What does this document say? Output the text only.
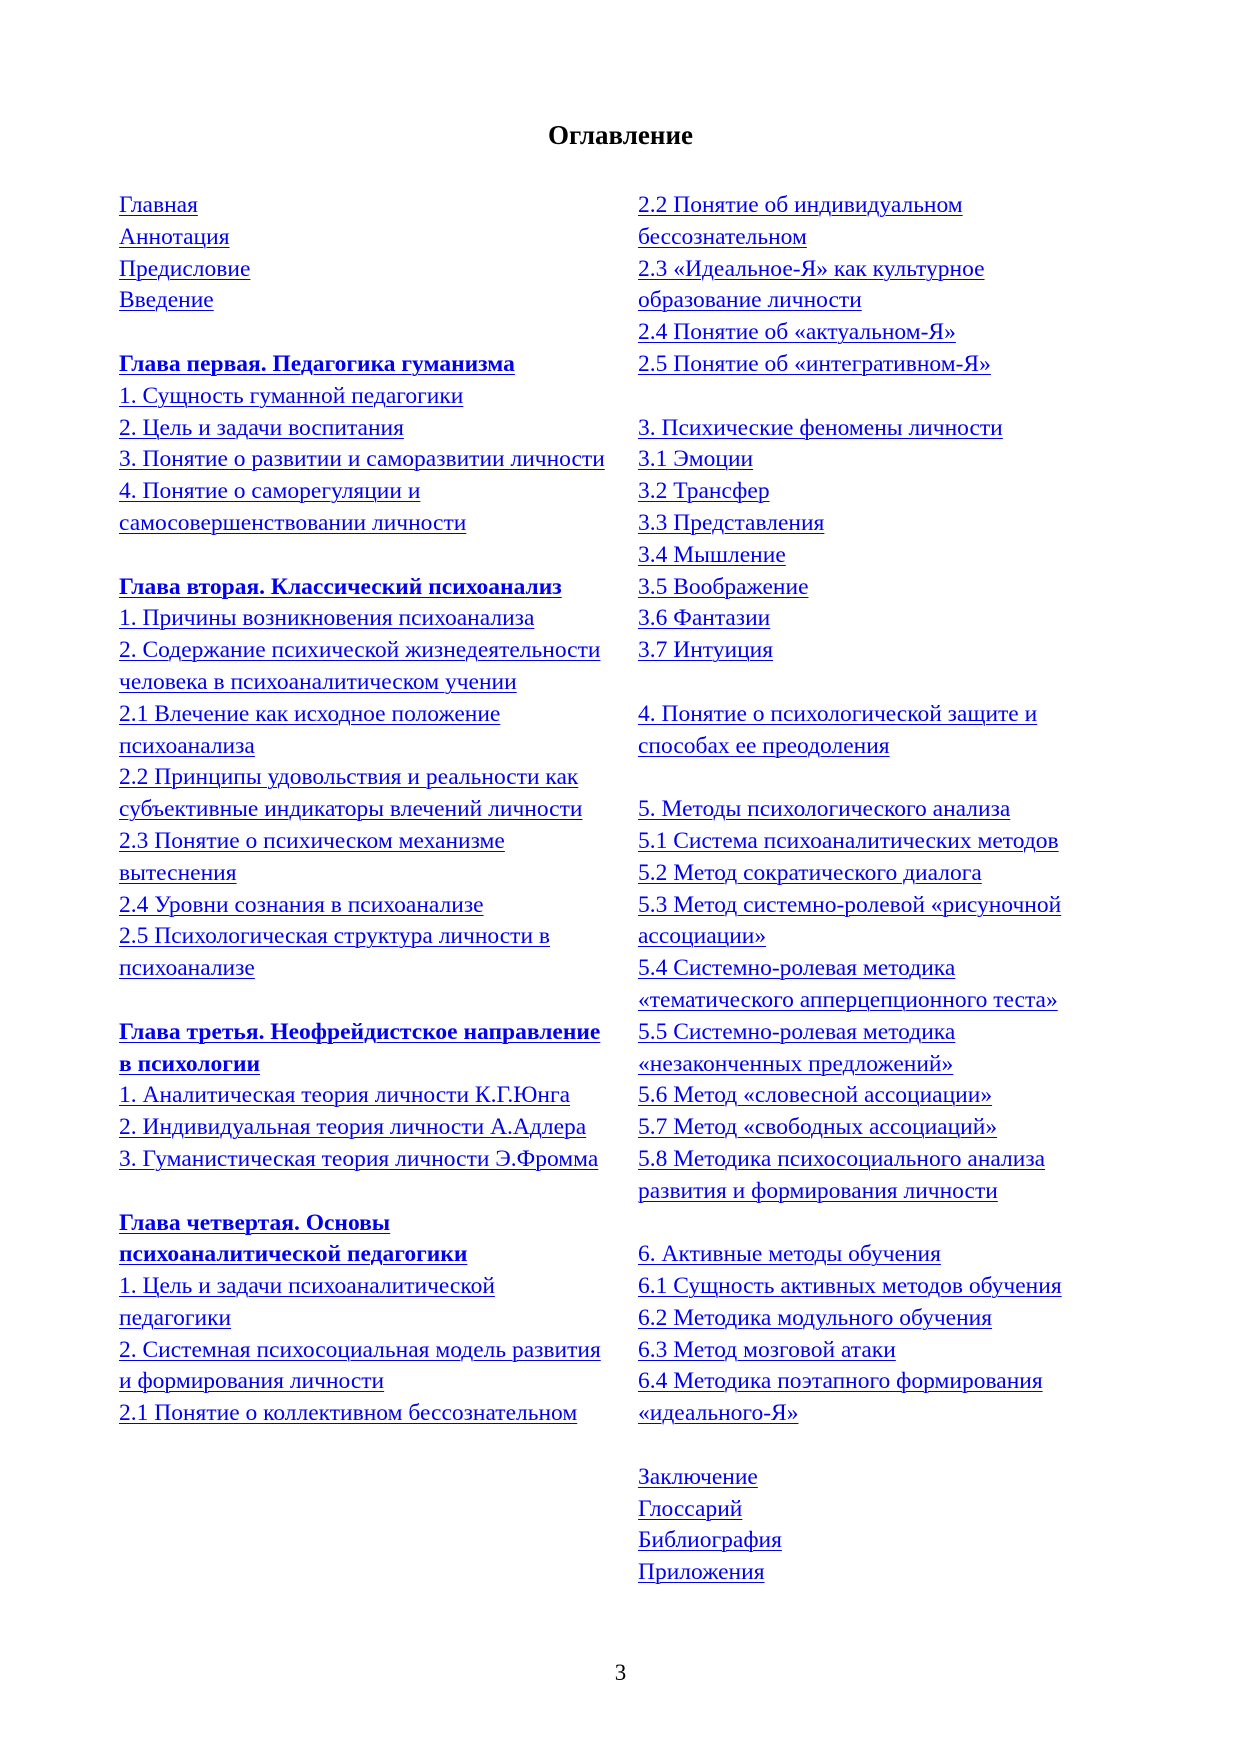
Оглавление
Главная
Аннотация
Предисловие
Введение
Глава первая. Педагогика гуманизма
1. Сущность гуманной педагогики
2. Цель и задачи воспитания
3. Понятие о развитии и саморазвитии личности
4. Понятие о саморегуляции и самосовершенствовании личности
Глава вторая. Классический психоанализ
1. Причины возникновения психоанализа
2. Содержание психической жизнедеятельности человека в психоаналитическом учении
2.1 Влечение как исходное положение психоанализа
2.2 Принципы удовольствия и реальности как субъективные индикаторы влечений личности
2.3 Понятие о психическом механизме вытеснения
2.4 Уровни сознания в психоанализе
2.5 Психологическая структура личности в психоанализе
Глава третья. Неофрейдистское направление в психологии
1. Аналитическая теория личности К.Г.Юнга
2. Индивидуальная теория личности А.Адлера
3. Гуманистическая теория личности Э.Фромма
Глава четвертая. Основы психоаналитической педагогики
1. Цель и задачи психоаналитической педагогики
2. Системная психосоциальная модель развития и формирования личности
2.1 Понятие о коллективном бессознательном
2.2 Понятие об индивидуальном бессознательном
2.3 «Идеальное-Я» как культурное образование личности
2.4 Понятие об «актуальном-Я»
2.5 Понятие об «интегративном-Я»
3. Психические феномены личности
3.1 Эмоции
3.2 Трансфер
3.3 Представления
3.4 Мышление
3.5 Воображение
3.6 Фантазии
3.7 Интуиция
4. Понятие о психологической защите и способах ее преодоления
5. Методы психологического анализа
5.1 Система психоаналитических методов
5.2 Метод сократического диалога
5.3 Метод системно-ролевой «рисуночной ассоциации»
5.4 Системно-ролевая методика «тематического апперцепционного теста»
5.5 Системно-ролевая методика «незаконченных предложений»
5.6 Метод «словесной ассоциации»
5.7 Метод «свободных ассоциаций»
5.8 Методика психосоциального анализа развития и формирования личности
6. Активные методы обучения
6.1 Сущность активных методов обучения
6.2 Методика модульного обучения
6.3 Метод мозговой атаки
6.4 Методика поэтапного формирования «идеального-Я»
Заключение
Глоссарий
Библиография
Приложения
3
